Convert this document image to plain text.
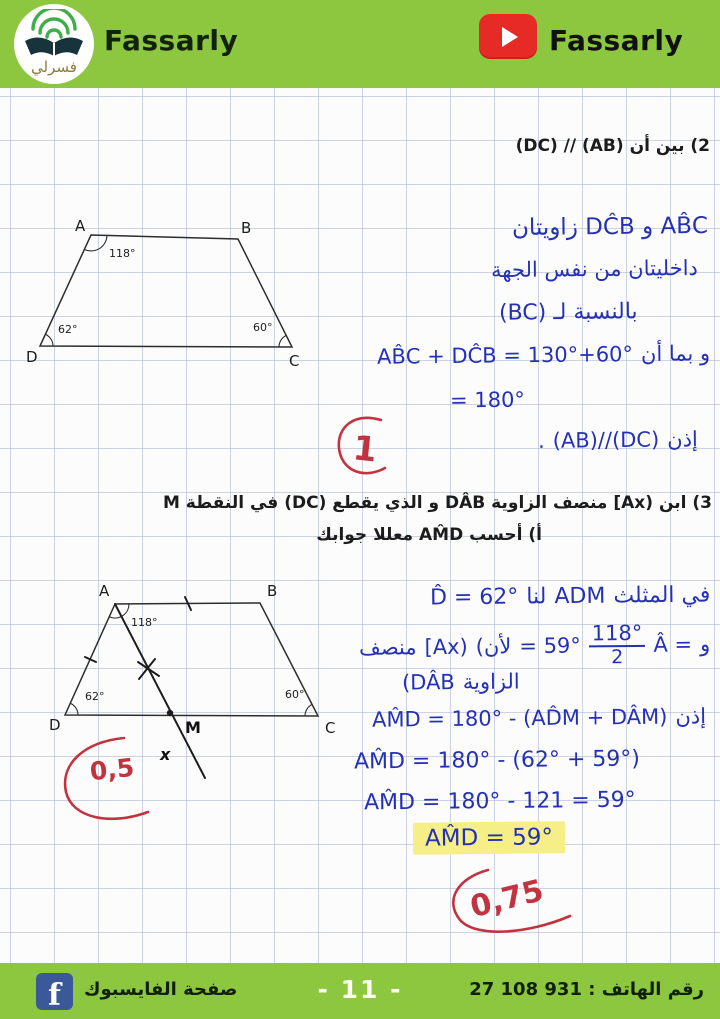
فسرلي
Fassarly	Fassarly
2) بين أن (AB) // (DC)
A	B
D	C
118°
62°	60°
AB̂C و DĈB زاويتان
داخليتان من نفس الجهة
بالنسبة لـ (BC)
و بما أن
AB̂C + DĈB = 130°+60°
= 180°
إذن
(AB)//(DC)
.
1
3) ابن ‎[Ax)‎ منصف الزاوية DÂB و الذي يقطع (DC) في النقطة M
أ) أحسب AM̂D معللا جوابك
A	B
D	C
118°
62°	60°
M
x
0,5
في المثلث
ADM
لنا
D̂ = 62°
و
Â =
$\frac{118^\circ}{2}$
= 59°
(لأن
[Ax)
منصف
الزاوية
(DÂB
إذن
AM̂D = 180° - (AD̂M + DÂM)
AM̂D = 180° - (62° + 59°)
AM̂D = 180° - 121 = 59°
AM̂D = 59°
0,75
f صفحة الفايسبوك	- 11 -	رقم الهاتف : 931 108 27
